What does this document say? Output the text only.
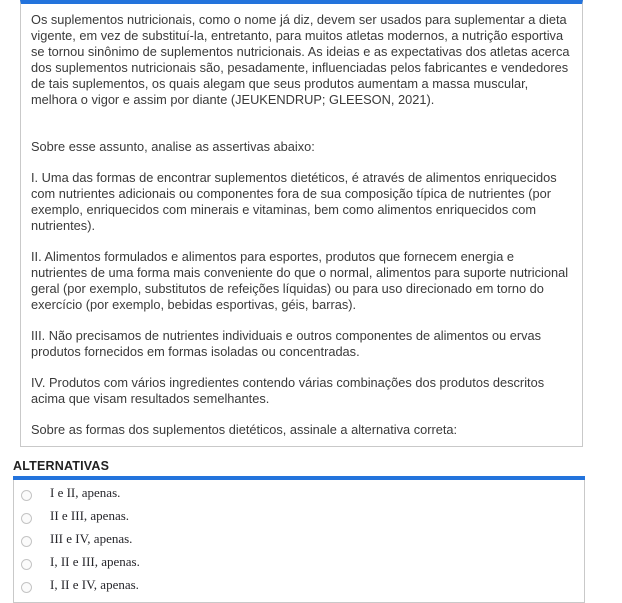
Os suplementos nutricionais, como o nome já diz, devem ser usados para suplementar a dieta vigente, em vez de substituí-la, entretanto, para muitos atletas modernos, a nutrição esportiva se tornou sinônimo de suplementos nutricionais. As ideias e as expectativas dos atletas acerca dos suplementos nutricionais são, pesadamente, influenciadas pelos fabricantes e vendedores de tais suplementos, os quais alegam que seus produtos aumentam a massa muscular, melhora o vigor e assim por diante (JEUKENDRUP; GLEESON, 2021).

Sobre esse assunto, analise as assertivas abaixo:

I. Uma das formas de encontrar suplementos dietéticos, é através de alimentos enriquecidos com nutrientes adicionais ou componentes fora de sua composição típica de nutrientes (por exemplo, enriquecidos com minerais e vitaminas, bem como alimentos enriquecidos com nutrientes).

II. Alimentos formulados e alimentos para esportes, produtos que fornecem energia e nutrientes de uma forma mais conveniente do que o normal, alimentos para suporte nutricional geral (por exemplo, substitutos de refeições líquidas) ou para uso direcionado em torno do exercício (por exemplo, bebidas esportivas, géis, barras).

III. Não precisamos de nutrientes individuais e outros componentes de alimentos ou ervas produtos fornecidos em formas isoladas ou concentradas.

IV. Produtos com vários ingredientes contendo várias combinações dos produtos descritos acima que visam resultados semelhantes.

Sobre as formas dos suplementos dietéticos, assinale a alternativa correta:

ALTERNATIVAS
I e II, apenas.
II e III, apenas.
III e IV, apenas.
I, II e III, apenas.
I, II e IV, apenas.
